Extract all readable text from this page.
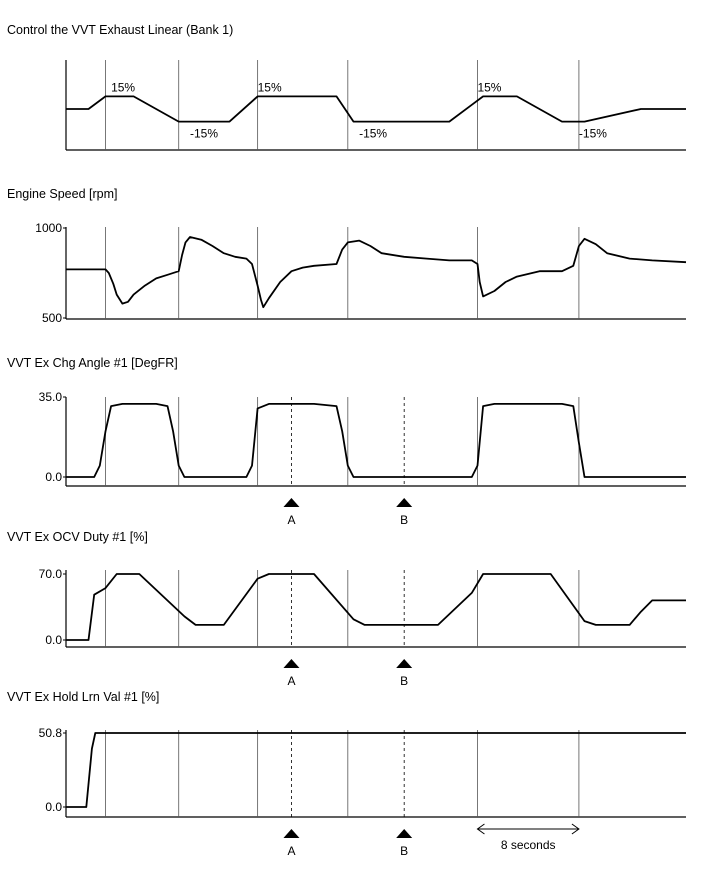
Control the VVT Exhaust Linear (Bank 1)
Engine Speed [rpm]
VVT Ex Chg Angle #1 [DegFR]
VVT Ex OCV Duty #1 [%]
VVT Ex Hold Lrn Val #1 [%]
15%
-15%
15%
-15%
15%
-15%
1000
500
35.0
0.0
A	B
70.0
0.0
A	B
50.8
0.0
A	B	8 seconds
